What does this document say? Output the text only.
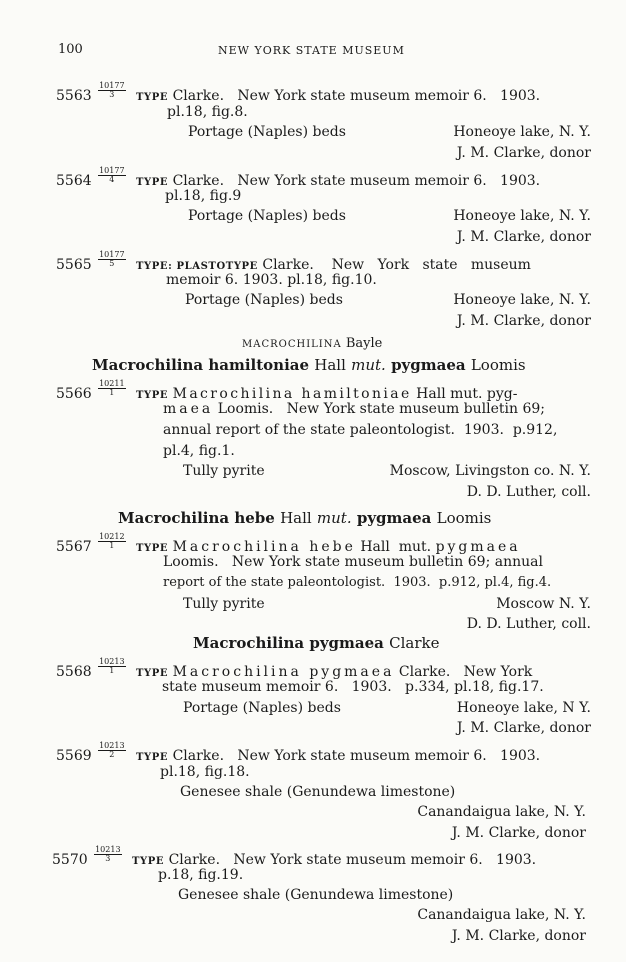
100	NEW YORK STATE MUSEUM
$5563 \frac{10177}{3}$ TYPE Clarke.   New York state museum memoir 6.   1903.
pl.18, fig.8.
Portage (Naples) beds	Honeoye lake, N. Y.
J. M. Clarke, donor
$5564 \frac{10177}{4}$ TYPE Clarke.   New York state museum memoir 6.   1903.
pl.18, fig.9
Portage (Naples) beds	Honeoye lake, N. Y.
J. M. Clarke, donor
$5565 \frac{10177}{5}$ TYPE: PLASTOTYPE Clarke.    New   York   state   museum
memoir 6. 1903. pl.18, fig.10.
Portage (Naples) beds	Honeoye lake, N. Y.
J. M. Clarke, donor
MACROCHILINA Bayle
Macrochilina hamiltoniae Hall mut. pygmaea Loomis
$5566 \frac{10211}{1}$ TYPE Macrochilina hamiltoniae Hall mut. pyg-
maea Loomis.   New York state museum bulletin 69;
annual report of the state paleontologist.  1903.  p.912,
pl.4, fig.1.
Tully pyrite	Moscow, Livingston co. N. Y.
D. D. Luther, coll.
Macrochilina hebe Hall mut. pygmaea Loomis
$5567 \frac{10212}{1}$ TYPE Macrochilina hebe Hall  mut. pygmaea
Loomis.   New York state museum bulletin 69; annual
report of the state paleontologist.  1903.  p.912, pl.4, fig.4.
Tully pyrite	Moscow N. Y.
D. D. Luther, coll.
Macrochilina pygmaea Clarke
$5568 \frac{10213}{1}$ TYPE Macrochilina pygmaea Clarke.   New York
state museum memoir 6.   1903.   p.334, pl.18, fig.17.
Portage (Naples) beds	Honeoye lake, N Y.
J. M. Clarke, donor
$5569 \frac{10213}{2}$ TYPE Clarke.   New York state museum memoir 6.   1903.
pl.18, fig.18.
Genesee shale (Genundewa limestone)
Canandaigua lake, N. Y.
J. M. Clarke, donor
$5570 \frac{10213}{3}$ TYPE Clarke.   New York state museum memoir 6.   1903.
p.18, fig.19.
Genesee shale (Genundewa limestone)
Canandaigua lake, N. Y.
J. M. Clarke, donor
